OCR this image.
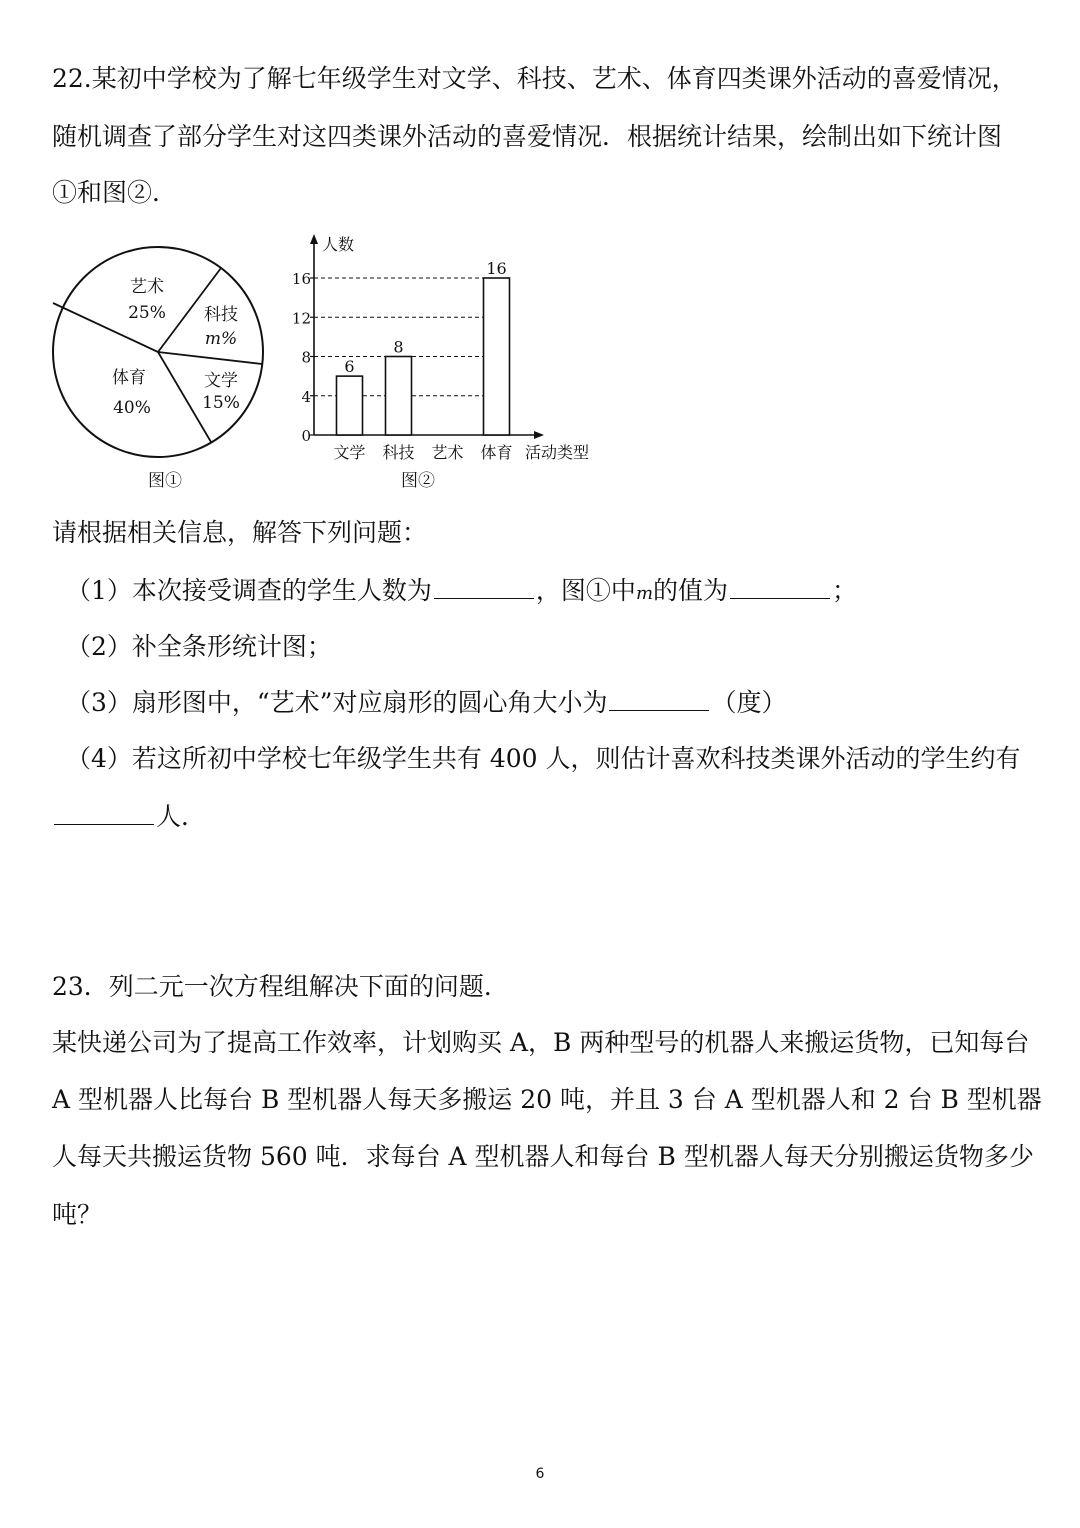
22.某初中学校为了解七年级学生对文学、科技、艺术、体育四类课外活动的喜爱情况，
随机调查了部分学生对这四类课外活动的喜爱情况．根据统计结果，绘制出如下统计图
①和图②．
艺术
25% 科技
m%
文学
15%
体育
40%
图①
人数
活动类型
0
4
8
12
16
6
8
16
文学 科技 艺术 体育
图②
请根据相关信息，解答下列问题：
（1）本次接受调查的学生人数为	，图①中m的值为	；
（2）补全条形统计图；
（3）扇形图中，“艺术”对应扇形的圆心角大小为	（度）
（4）若这所初中学校七年级学生共有 400 人，则估计喜欢科技类课外活动的学生约有
人．
23．列二元一次方程组解决下面的问题．
某快递公司为了提高工作效率，计划购买 A，B 两种型号的机器人来搬运货物，已知每台
A 型机器人比每台 B 型机器人每天多搬运 20 吨，并且 3 台 A 型机器人和 2 台 B 型机器
人每天共搬运货物 560 吨．求每台 A 型机器人和每台 B 型机器人每天分别搬运货物多少
吨？
6
